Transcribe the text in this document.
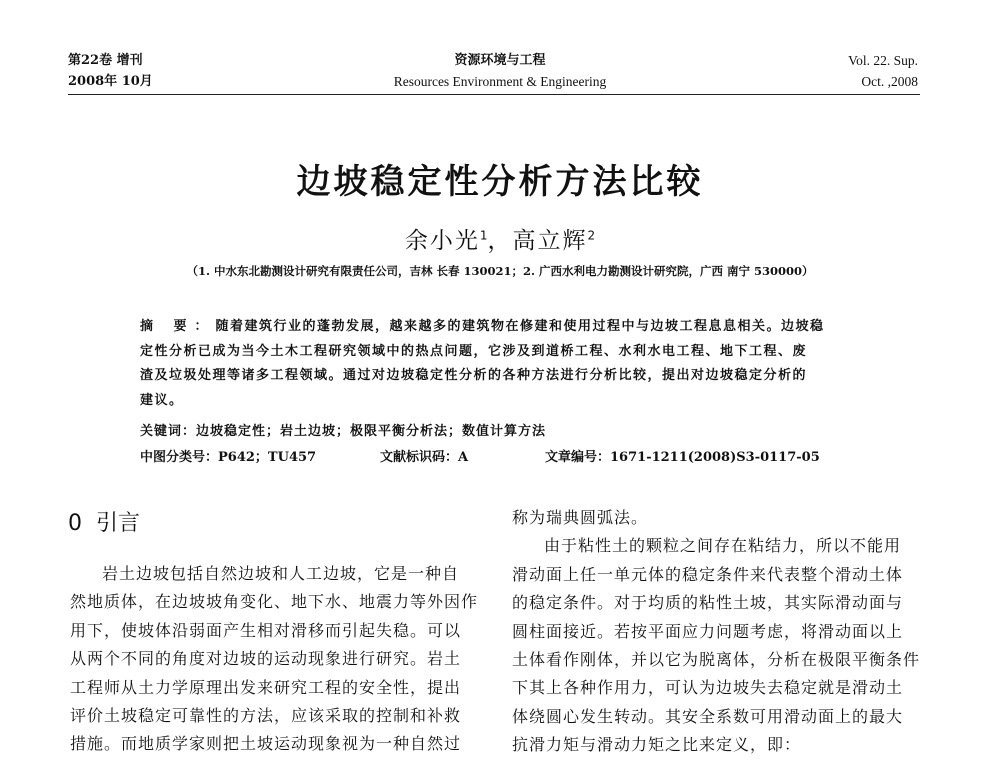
第22卷 增刊
2008年 10月
资源环境与工程
Resources Environment & Engineering
Vol. 22. Sup.
Oct. ,2008
边坡稳定性分析方法比较
余小光$^1$，高立辉$^2$
（1. 中水东北勘测设计研究有限责任公司，吉林 长春 130021；2. 广西水利电力勘测设计研究院，广西 南宁 530000）
摘 要：随着建筑行业的蓬勃发展，越来越多的建筑物在修建和使用过程中与边坡工程息息相关。边坡稳
定性分析已成为当今土木工程研究领域中的热点问题，它涉及到道桥工程、水利水电工程、地下工程、废
渣及垃圾处理等诸多工程领域。通过对边坡稳定性分析的各种方法进行分析比较，提出对边坡稳定分析的
建议。
关键词：边坡稳定性；岩土边坡；极限平衡分析法；数值计算方法
中图分类号：P642；TU457	文献标识码：A	文章编号：1671-1211(2008)S3-0117-05
0 引言
岩土边坡包括自然边坡和人工边坡，它是一种自
然地质体，在边坡坡角变化、地下水、地震力等外因作
用下，使坡体沿弱面产生相对滑移而引起失稳。可以
从两个不同的角度对边坡的运动现象进行研究。岩土
工程师从土力学原理出发来研究工程的安全性，提出
评价土坡稳定可靠性的方法，应该采取的控制和补救
措施。而地质学家则把土坡运动现象视为一种自然过
称为瑞典圆弧法。
由于粘性土的颗粒之间存在粘结力，所以不能用
滑动面上任一单元体的稳定条件来代表整个滑动土体
的稳定条件。对于均质的粘性土坡，其实际滑动面与
圆柱面接近。若按平面应力问题考虑，将滑动面以上
土体看作刚体，并以它为脱离体，分析在极限平衡条件
下其上各种作用力，可认为边坡失去稳定就是滑动土
体绕圆心发生转动。其安全系数可用滑动面上的最大
抗滑力矩与滑动力矩之比来定义，即：
